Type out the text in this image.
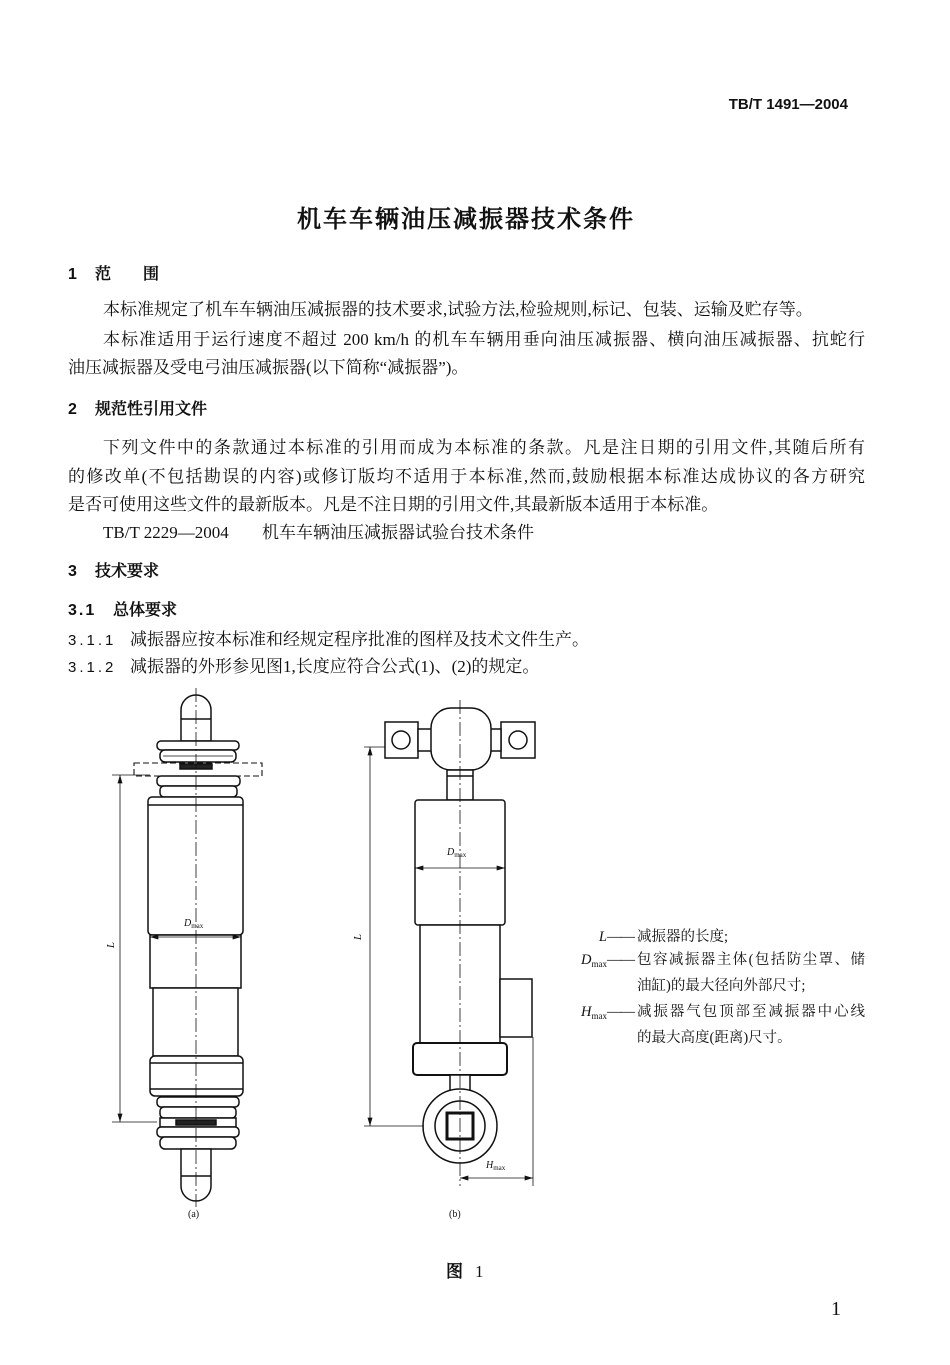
TB/T 1491—2004
机车车辆油压减振器技术条件
1 范　　围
本标准规定了机车车辆油压减振器的技术要求,试验方法,检验规则,标记、包装、运输及贮存等。
本标准适用于运行速度不超过 200 km/h 的机车车辆用垂向油压减振器、横向油压减振器、抗蛇行
油压减振器及受电弓油压减振器(以下简称“减振器”)。
2 规范性引用文件
下列文件中的条款通过本标准的引用而成为本标准的条款。凡是注日期的引用文件,其随后所有
的修改单(不包括勘误的内容)或修订版均不适用于本标准,然而,鼓励根据本标准达成协议的各方研究
是否可使用这些文件的最新版本。凡是不注日期的引用文件,其最新版本适用于本标准。
TB/T 2229—2004 机车车辆油压减振器试验台技术条件
3 技术要求
3.1 总体要求
3.1.1 减振器应按本标准和经规定程序批准的图样及技术文件生产。
3.1.2 减振器的外形参见图1,长度应符合公式(1)、(2)的规定。
$D_{max}$
L
(a)
$D_{max}$
L
$H_{max}$
(b)
L —— 减振器的长度;
$D_{max}$ —— 包容减振器主体(包括防尘罩、储
油缸)的最大径向外部尺寸;
$H_{max}$ —— 减振器气包顶部至减振器中心线
的最大高度(距离)尺寸。
图 1
1
